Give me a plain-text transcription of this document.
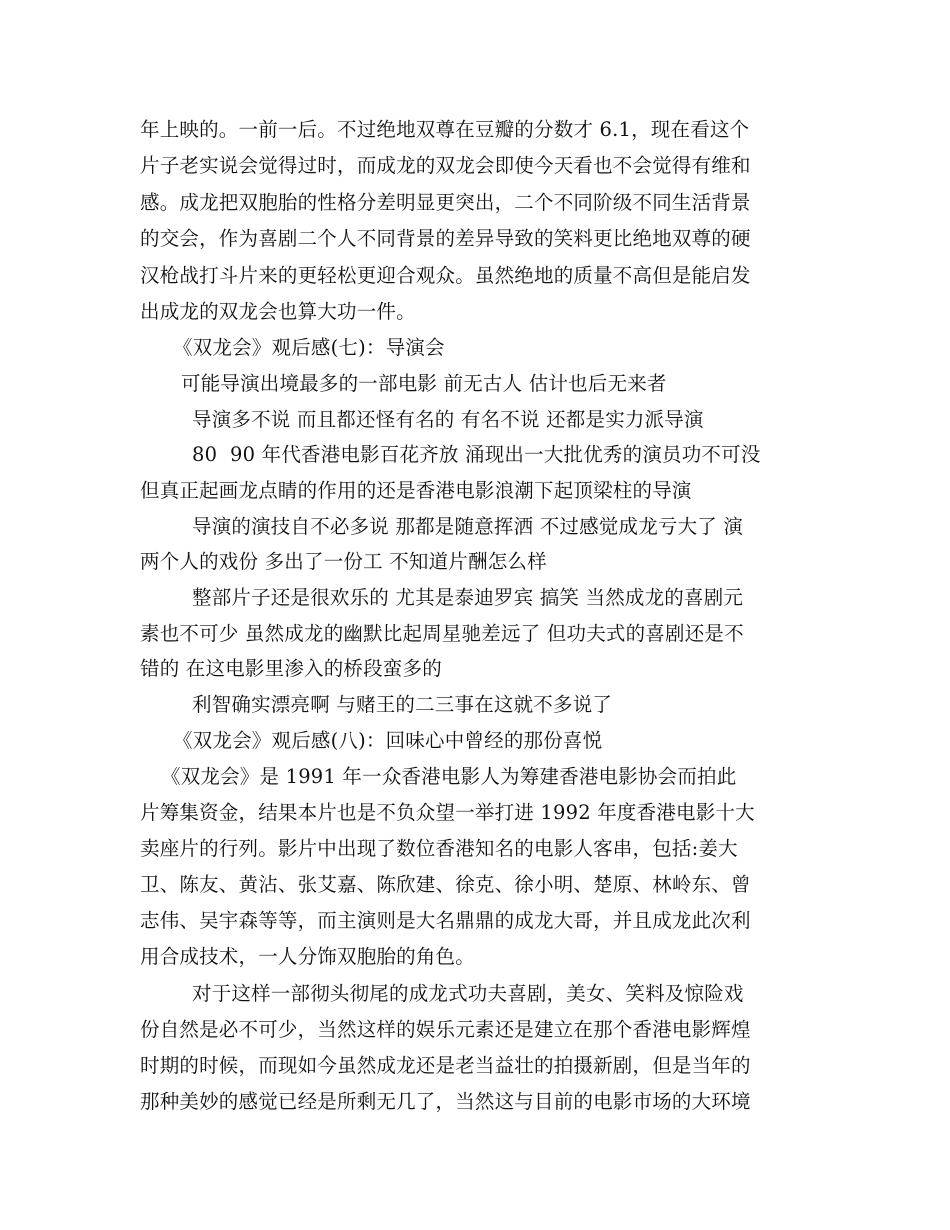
年上映的。一前一后。不过绝地双尊在豆瓣的分数才 6.1，现在看这个
片子老实说会觉得过时，而成龙的双龙会即使今天看也不会觉得有维和
感。成龙把双胞胎的性格分差明显更突出，二个不同阶级不同生活背景
的交会，作为喜剧二个人不同背景的差异导致的笑料更比绝地双尊的硬
汉枪战打斗片来的更轻松更迎合观众。虽然绝地的质量不高但是能启发
出成龙的双龙会也算大功一件。
《双龙会》观后感(七)：导演会
可能导演出境最多的一部电影 前无古人 估计也后无来者
导演多不说 而且都还怪有名的 有名不说 还都是实力派导演
80  90 年代香港电影百花齐放 涌现出一大批优秀的演员功不可没
但真正起画龙点睛的作用的还是香港电影浪潮下起顶梁柱的导演
导演的演技自不必多说 那都是随意挥洒 不过感觉成龙亏大了 演
两个人的戏份 多出了一份工 不知道片酬怎么样
整部片子还是很欢乐的 尤其是泰迪罗宾 搞笑 当然成龙的喜剧元
素也不可少 虽然成龙的幽默比起周星驰差远了 但功夫式的喜剧还是不
错的 在这电影里渗入的桥段蛮多的
利智确实漂亮啊 与赌王的二三事在这就不多说了
《双龙会》观后感(八)：回味心中曾经的那份喜悦
《双龙会》是 1991 年一众香港电影人为筹建香港电影协会而拍此
片筹集资金，结果本片也是不负众望一举打进 1992 年度香港电影十大
卖座片的行列。影片中出现了数位香港知名的电影人客串，包括:姜大
卫、陈友、黄沾、张艾嘉、陈欣建、徐克、徐小明、楚原、林岭东、曾
志伟、吴宇森等等，而主演则是大名鼎鼎的成龙大哥，并且成龙此次利
用合成技术，一人分饰双胞胎的角色。
对于这样一部彻头彻尾的成龙式功夫喜剧，美女、笑料及惊险戏
份自然是必不可少，当然这样的娱乐元素还是建立在那个香港电影辉煌
时期的时候，而现如今虽然成龙还是老当益壮的拍摄新剧，但是当年的
那种美妙的感觉已经是所剩无几了，当然这与目前的电影市场的大环境
